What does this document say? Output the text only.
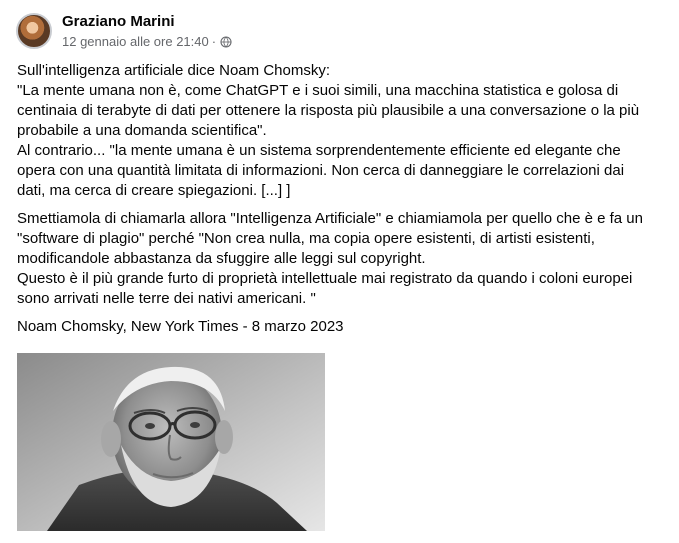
Graziano Marini
12 gennaio alle ore 21:40 ·

Sull'intelligenza artificiale dice Noam Chomsky:
"La mente umana non è, come ChatGPT e i suoi simili, una macchina statistica e golosa di
centinaia di terabyte di dati per ottenere la risposta più plausibile a una conversazione o la più
probabile a una domanda scientifica".
Al contrario... "la mente umana è un sistema sorprendentemente efficiente ed elegante che
opera con una quantità limitata di informazioni. Non cerca di danneggiare le correlazioni dai
dati, ma cerca di creare spiegazioni. [...] ]

Smettiamola di chiamarla allora "Intelligenza Artificiale" e chiamiamola per quello che è e fa un
"software di plagio" perché "Non crea nulla, ma copia opere esistenti, di artisti esistenti,
modificandole abbastanza da sfuggire alle leggi sul copyright.
Questo è il più grande furto di proprietà intellettuale mai registrato da quando i coloni europei
sono arrivati nelle terre dei nativi americani. "

Noam Chomsky, New York Times - 8 marzo 2023
